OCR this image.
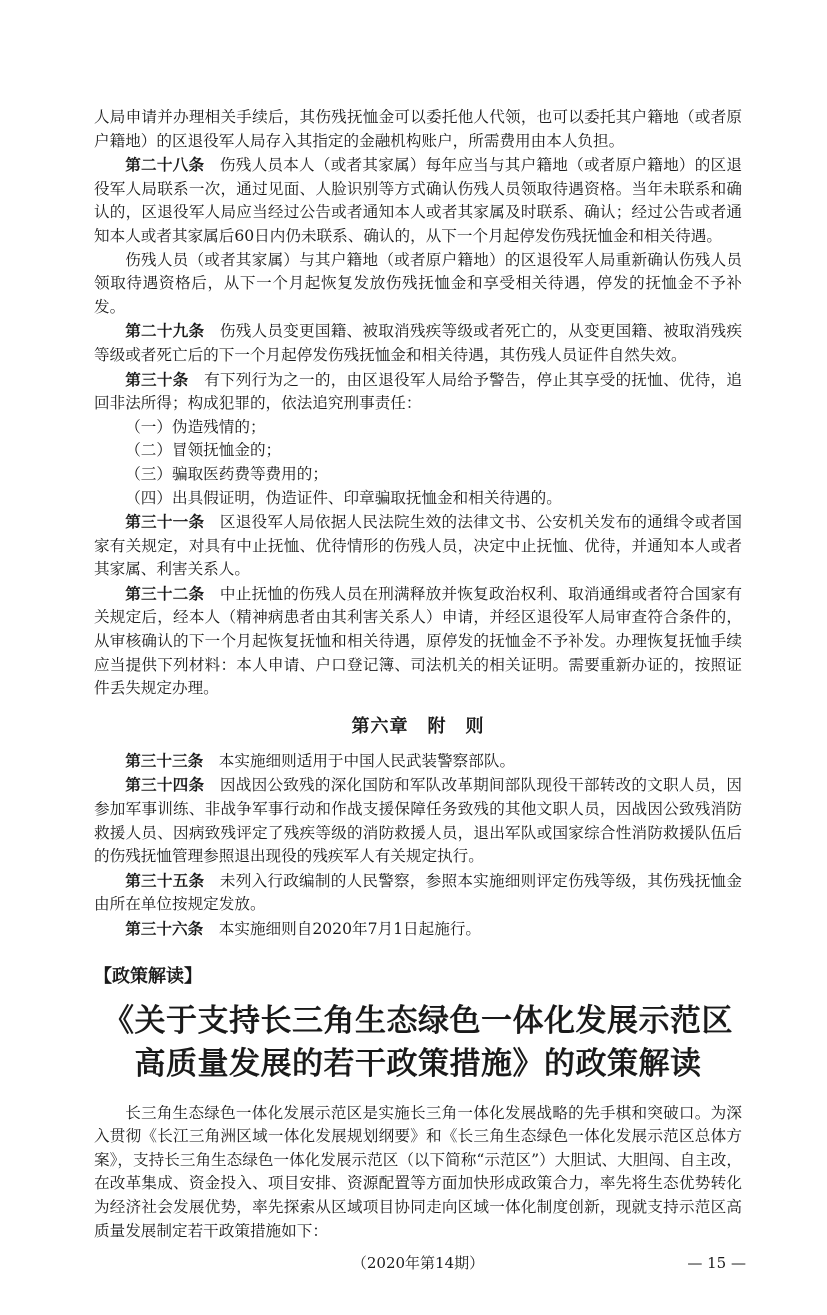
人局申请并办理相关手续后，其伤残抚恤金可以委托他人代领，也可以委托其户籍地（或者原户籍地）的区退役军人局存入其指定的金融机构账户，所需费用由本人负担。

第二十八条 伤残人员本人（或者其家属）每年应当与其户籍地（或者原户籍地）的区退役军人局联系一次，通过见面、人脸识别等方式确认伤残人员领取待遇资格。当年未联系和确认的，区退役军人局应当经过公告或者通知本人或者其家属及时联系、确认；经过公告或者通知本人或者其家属后60日内仍未联系、确认的，从下一个月起停发伤残抚恤金和相关待遇。

伤残人员（或者其家属）与其户籍地（或者原户籍地）的区退役军人局重新确认伤残人员领取待遇资格后，从下一个月起恢复发放伤残抚恤金和享受相关待遇，停发的抚恤金不予补发。

第二十九条 伤残人员变更国籍、被取消残疾等级或者死亡的，从变更国籍、被取消残疾等级或者死亡后的下一个月起停发伤残抚恤金和相关待遇，其伤残人员证件自然失效。

第三十条 有下列行为之一的，由区退役军人局给予警告，停止其享受的抚恤、优待，追回非法所得；构成犯罪的，依法追究刑事责任：

（一）伪造残情的；

（二）冒领抚恤金的；

（三）骗取医药费等费用的；

（四）出具假证明，伪造证件、印章骗取抚恤金和相关待遇的。

第三十一条 区退役军人局依据人民法院生效的法律文书、公安机关发布的通缉令或者国家有关规定，对具有中止抚恤、优待情形的伤残人员，决定中止抚恤、优待，并通知本人或者其家属、利害关系人。

第三十二条 中止抚恤的伤残人员在刑满释放并恢复政治权利、取消通缉或者符合国家有关规定后，经本人（精神病患者由其利害关系人）申请，并经区退役军人局审查符合条件的，从审核确认的下一个月起恢复抚恤和相关待遇，原停发的抚恤金不予补发。办理恢复抚恤手续应当提供下列材料：本人申请、户口登记簿、司法机关的相关证明。需要重新办证的，按照证件丢失规定办理。

第六章　附　则

第三十三条 本实施细则适用于中国人民武装警察部队。

第三十四条 因战因公致残的深化国防和军队改革期间部队现役干部转改的文职人员，因参加军事训练、非战争军事行动和作战支援保障任务致残的其他文职人员，因战因公致残消防救援人员、因病致残评定了残疾等级的消防救援人员，退出军队或国家综合性消防救援队伍后的伤残抚恤管理参照退出现役的残疾军人有关规定执行。

第三十五条 未列入行政编制的人民警察，参照本实施细则评定伤残等级，其伤残抚恤金由所在单位按规定发放。

第三十六条 本实施细则自2020年7月1日起施行。

【政策解读】
《关于支持长三角生态绿色一体化发展示范区
高质量发展的若干政策措施》的政策解读

长三角生态绿色一体化发展示范区是实施长三角一体化发展战略的先手棋和突破口。为深入贯彻《长江三角洲区域一体化发展规划纲要》和《长三角生态绿色一体化发展示范区总体方案》，支持长三角生态绿色一体化发展示范区（以下简称“示范区”）大胆试、大胆闯、自主改，在改革集成、资金投入、项目安排、资源配置等方面加快形成政策合力，率先将生态优势转化为经济社会发展优势，率先探索从区域项目协同走向区域一体化制度创新，现就支持示范区高质量发展制定若干政策措施如下：

（2020年第14期）	— 15 —
